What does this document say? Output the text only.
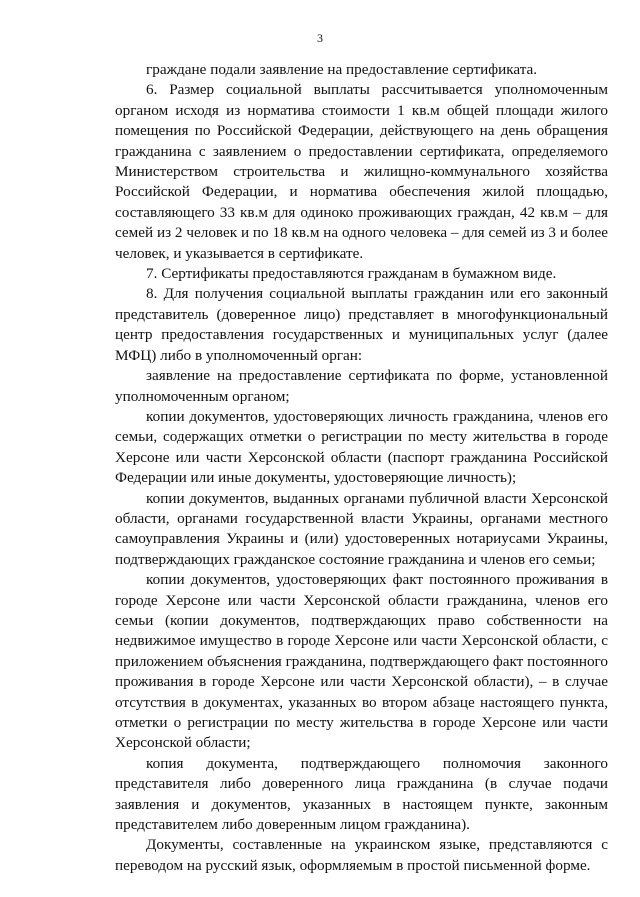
3

граждане подали заявление на предоставление сертификата.

6. Размер социальной выплаты рассчитывается уполномоченным органом исходя из норматива стоимости 1 кв.м общей площади жилого помещения по Российской Федерации, действующего на день обращения гражданина с заявлением о предоставлении сертификата, определяемого Министерством строительства и жилищно-коммунального хозяйства Российской Федерации, и норматива обеспечения жилой площадью, составляющего 33 кв.м для одиноко проживающих граждан, 42 кв.м – для семей из 2 человек и по 18 кв.м на одного человека – для семей из 3 и более человек, и указывается в сертификате.

7. Сертификаты предоставляются гражданам в бумажном виде.

8. Для получения социальной выплаты гражданин или его законный представитель (доверенное лицо) представляет в многофункциональный центр предоставления государственных и муниципальных услуг (далее МФЦ) либо в уполномоченный орган:

заявление на предоставление сертификата по форме, установленной уполномоченным органом;

копии документов, удостоверяющих личность гражданина, членов его семьи, содержащих отметки о регистрации по месту жительства в городе Херсоне или части Херсонской области (паспорт гражданина Российской Федерации или иные документы, удостоверяющие личность);

копии документов, выданных органами публичной власти Херсонской области, органами государственной власти Украины, органами местного самоуправления Украины и (или) удостоверенных нотариусами Украины, подтверждающих гражданское состояние гражданина и членов его семьи;

копии документов, удостоверяющих факт постоянного проживания в городе Херсоне или части Херсонской области гражданина, членов его семьи (копии документов, подтверждающих право собственности на недвижимое имущество в городе Херсоне или части Херсонской области, с приложением объяснения гражданина, подтверждающего факт постоянного проживания в городе Херсоне или части Херсонской области), – в случае отсутствия в документах, указанных во втором абзаце настоящего пункта, отметки о регистрации по месту жительства в городе Херсоне или части Херсонской области;

копия документа, подтверждающего полномочия законного представителя либо доверенного лица гражданина (в случае подачи заявления и документов, указанных в настоящем пункте, законным представителем либо доверенным лицом гражданина).

Документы, составленные на украинском языке, представляются с переводом на русский язык, оформляемым в простой письменной форме.
